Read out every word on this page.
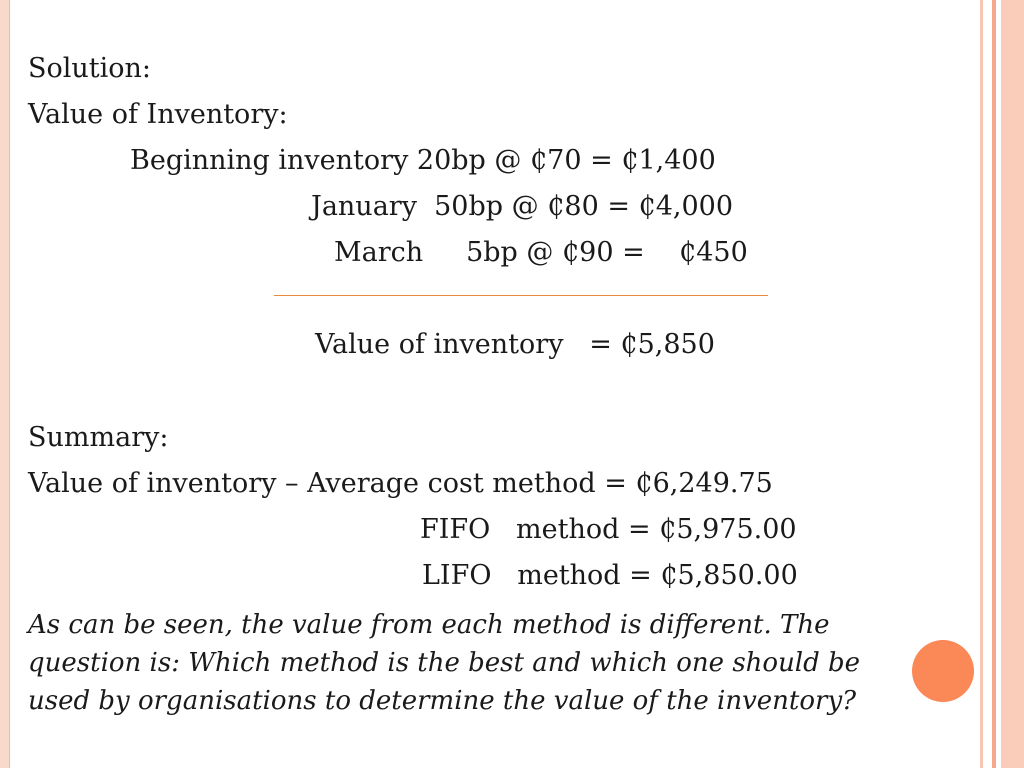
Solution:
Value of Inventory:
Beginning inventory 20bp @ ₵70 = ₵1,400
January  50bp @ ₵80 = ₵4,000
March     5bp @ ₵90 =    ₵450
Value of inventory   = ₵5,850
Summary:
Value of inventory – Average cost method = ₵6,249.75
FIFO   method = ₵5,975.00
LIFO   method = ₵5,850.00
As can be seen, the value from each method is different. The
question is: Which method is the best and which one should be
used by organisations to determine the value of the inventory?
